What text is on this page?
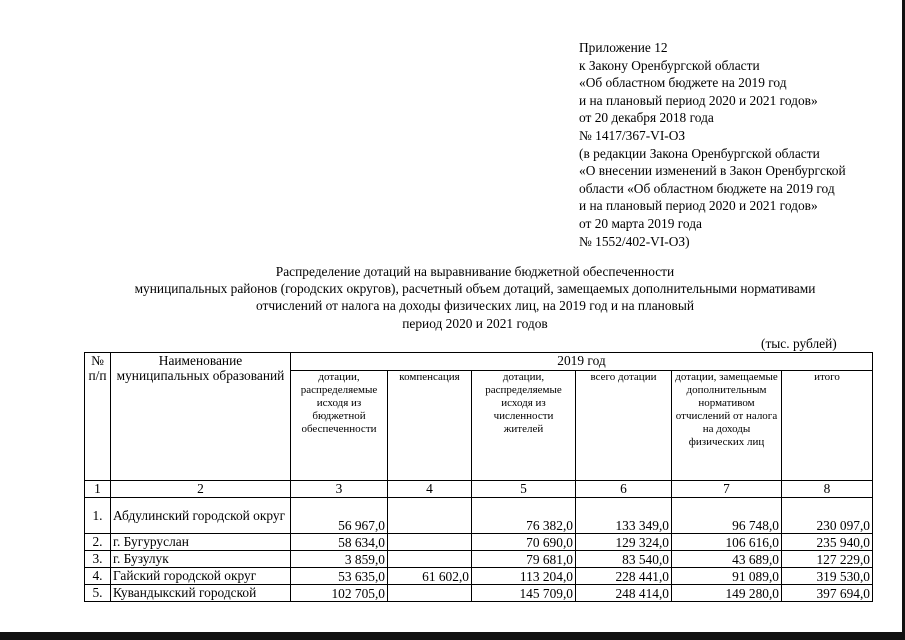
Приложение 12
к Закону Оренбургской области
«Об областном бюджете на 2019 год
и на плановый период 2020 и 2021 годов»
от 20 декабря 2018 года
№ 1417/367-VI-ОЗ
(в редакции Закона Оренбургской области
«О внесении изменений в Закон Оренбургской
области «Об областном бюджете на 2019 год
и на плановый период 2020 и 2021 годов»
от 20 марта 2019 года
№ 1552/402-VI-ОЗ)
Распределение дотаций на выравнивание бюджетной обеспеченности
муниципальных районов (городских округов), расчетный объем дотаций, замещаемых дополнительными нормативами
отчислений от налога на доходы физических лиц, на 2019 год и на плановый
период 2020 и 2021 годов
(тыс. рублей)
№ п/п	Наименование муниципальных образований	2019 год					
		дотации, распределяемые исходя из бюджетной обеспеченности	компенсация	дотации, распределяемые исходя из численности жителей	всего дотации	дотации, замещаемые дополнительным нормативом отчислений от налога на доходы физических лиц	итого
1	2	3	4	5	6	7	8
1.	Абдулинский городской округ	56 967,0		76 382,0	133 349,0	96 748,0	230 097,0
2.	г. Бугуруслан	58 634,0		70 690,0	129 324,0	106 616,0	235 940,0
3.	г. Бузулук	3 859,0		79 681,0	83 540,0	43 689,0	127 229,0
4.	Гайский городской округ	53 635,0	61 602,0	113 204,0	228 441,0	91 089,0	319 530,0
5.	Кувандыкский городской	102 705,0		145 709,0	248 414,0	149 280,0	397 694,0
